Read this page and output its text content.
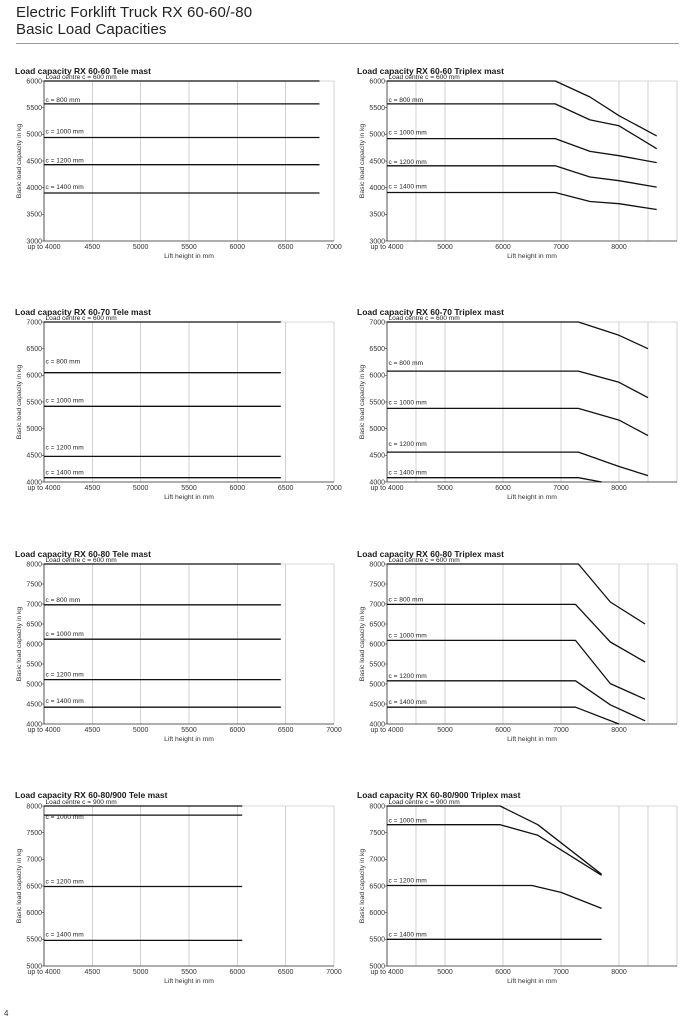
Electric Forklift Truck RX 60-60/-80
Basic Load Capacities
Load capacity RX 60-60 Tele mast
3000
3500
4000
4500
5000
5500
6000
up to 4000	4500	5000	5500	6000	6500	7000
Lift height in mm
Basic load capacity in kg
Load centre c = 600 mm
c = 800 mm
c = 1000 mm
c = 1200 mm
c = 1400 mm
Load capacity RX 60-60 Triplex mast
3000
3500
4000
4500
5000
5500
6000
up to 4000	5000	6000	7000	8000
Lift height in mm
Basic load capacity in kg
Load centre c = 600 mm
c = 800 mm
c = 1000 mm
c = 1200 mm
c = 1400 mm
Load capacity RX 60-70 Tele mast
4000
4500
5000
5500
6000
6500
7000
up to 4000	4500	5000	5500	6000	6500	7000
Lift height in mm
Basic load capacity in kg
Load centre c = 600 mm
c = 800 mm
c = 1000 mm
c = 1200 mm
c = 1400 mm
Load capacity RX 60-70 Triplex mast
4000
4500
5000
5500
6000
6500
7000
up to 4000	5000	6000	7000	8000
Lift height in mm
Basic load capacity in kg
Load centre c = 600 mm
c = 800 mm
c = 1000 mm
c = 1200 mm
c = 1400 mm
Load capacity RX 60-80 Tele mast
4000
4500
5000
5500
6000
6500
7000
7500
8000
up to 4000	4500	5000	5500	6000	6500	7000
Lift height in mm
Basic load capacity in kg
Load centre c = 600 mm
c = 800 mm
c = 1000 mm
c = 1200 mm
c = 1400 mm
Load capacity RX 60-80 Triplex mast
4000
4500
5000
5500
6000
6500
7000
7500
8000
up to 4000	5000	6000	7000	8000
Lift height in mm
Basic load capacity in kg
Load centre c = 600 mm
c = 800 mm
c = 1000 mm
c = 1200 mm
c = 1400 mm
Load capacity RX 60-80/900 Tele mast
5000
5500
6000
6500
7000
7500
8000
up to 4000	4500	5000	5500	6000	6500	7000
Lift height in mm
Basic load capacity in kg
Load centre c = 900 mm
c = 1000 mm
c = 1200 mm
c = 1400 mm
Load capacity RX 60-80/900 Triplex mast
5000
5500
6000
6500
7000
7500
8000
up to 4000	5000	6000	7000	8000
Lift height in mm
Basic load capacity in kg
Load centre c = 900 mm
c = 1000 mm
c = 1200 mm
c = 1400 mm
4
